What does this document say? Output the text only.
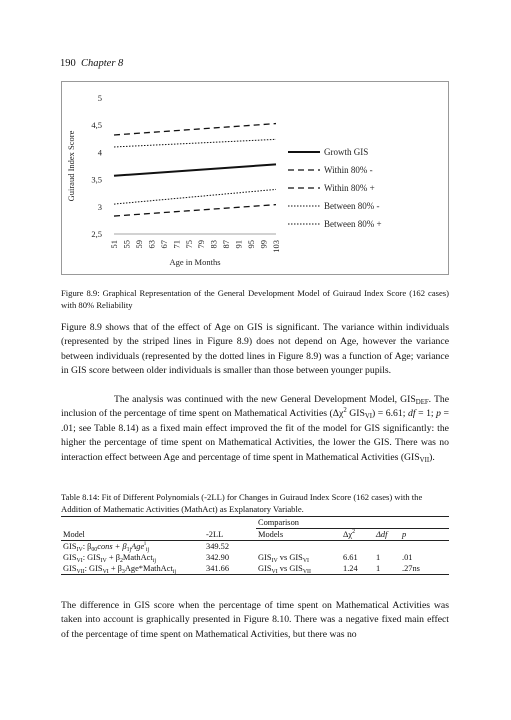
190 Chapter 8
2,5
3
3,5
4
4,5
5
51 55 59 63 67 71 75 79 83 87 91 95 99 103
Guiraud Index Score
Age in Months
Growth GIS
Within 80% -
Within 80% +
Between 80% -
Between 80% +
Figure 8.9: Graphical Representation of the General Development Model of Guiraud Index Score (162 cases) with 80% Reliability
Figure 8.9 shows that of the effect of Age on GIS is significant. The variance within individuals (represented by the striped lines in Figure 8.9) does not depend on Age, however the variance between individuals (represented by the dotted lines in Figure 8.9) was a function of Age; variance in GIS score between older individuals is smaller than those between younger pupils.
The analysis was continued with the new General Development Model, $GIS_{DEF}$. The inclusion of the percentage of time spent on Mathematical Activities ($\Delta\chi^2$ $GIS_{VI}) = 6.61$; df = 1; p = .01; see Table 8.14) as a fixed main effect improved the fit of the model for GIS significantly: the higher the percentage of time spent on Mathematical Activities, the lower the GIS. There was no interaction effect between Age and percentage of time spent in Mathematical Activities $(GIS_{VII})$.
Table 8.14: Fit of Different Polynomials (-2LL) for Changes in Guiraud Index Score (162 cases) with the Addition of Mathematic Activities (MathAct) as Explanatory Variable.
		Comparison			
Model	-2LL	Models	$\Delta\chi^2$	Δdf	p
$GIS_{IV}$: $\beta_{00}cons + \beta_{1j}Age^i_{ij}$	349.52				
$GIS_{VI}$: $GIS_{IV}$ + $\beta_2MathAct_{ij}$	342.90	$GIS_{IV}$ vs $GIS_{VI}$	6.61	1	.01
$GIS_{VII}$: $GIS_{VI}$ + $\beta_3Age*MathAct_{ij}$	341.66	$GIS_{VI}$ vs $GIS_{VII}$	1.24	1	.27ns
The difference in GIS score when the percentage of time spent on Mathematical Activities was taken into account is graphically presented in Figure 8.10. There was a negative fixed main effect of the percentage of time spent on Mathematical Activities, but there was no
